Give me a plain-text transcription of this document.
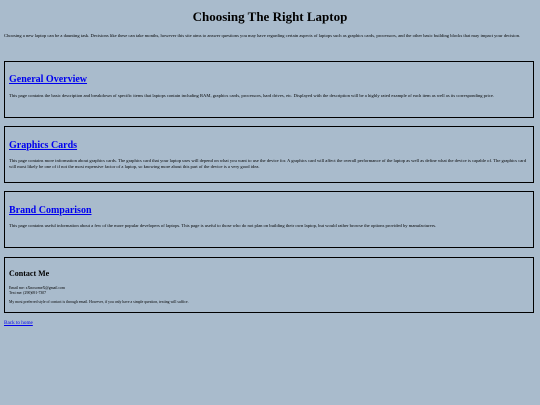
Choosing The Right Laptop

Choosing a new laptop can be a daunting task. Decisions like these can take months, however this site aims to answer questions you may have regarding certain aspects of laptops such as graphics cards, processors, and the other basic building blocks that may impact your decision.

General Overview

This page contains the basic description and breakdown of specific items that laptops contain including RAM, graphics cards, processors, hard drives, etc. Displayed with the description will be a highly rated example of each item as well as its corresponding price.

Graphics Cards

This page contains more information about graphics cards. The graphics card that your laptop uses will depend on what you want to use the device for. A graphics card will affect the overall performance of the laptop as well as define what the device is capable of. The graphics card will most likely be one of if not the most expensive factor of a laptop, so knowing more about this part of the device is a very good idea.

Brand Comparison

This page contains useful information about a few of the more popular developers of laptops. This page is useful to those who do not plan on building their own laptop, but would rather browse the options provided by manufacturers.

Contact Me
Email me: xXnoxomeX@gmail.com
Text me: (290)691-7307
My most preferred style of contact is through email. However, if you only have a simple question, texting will suffice.
Back to home
